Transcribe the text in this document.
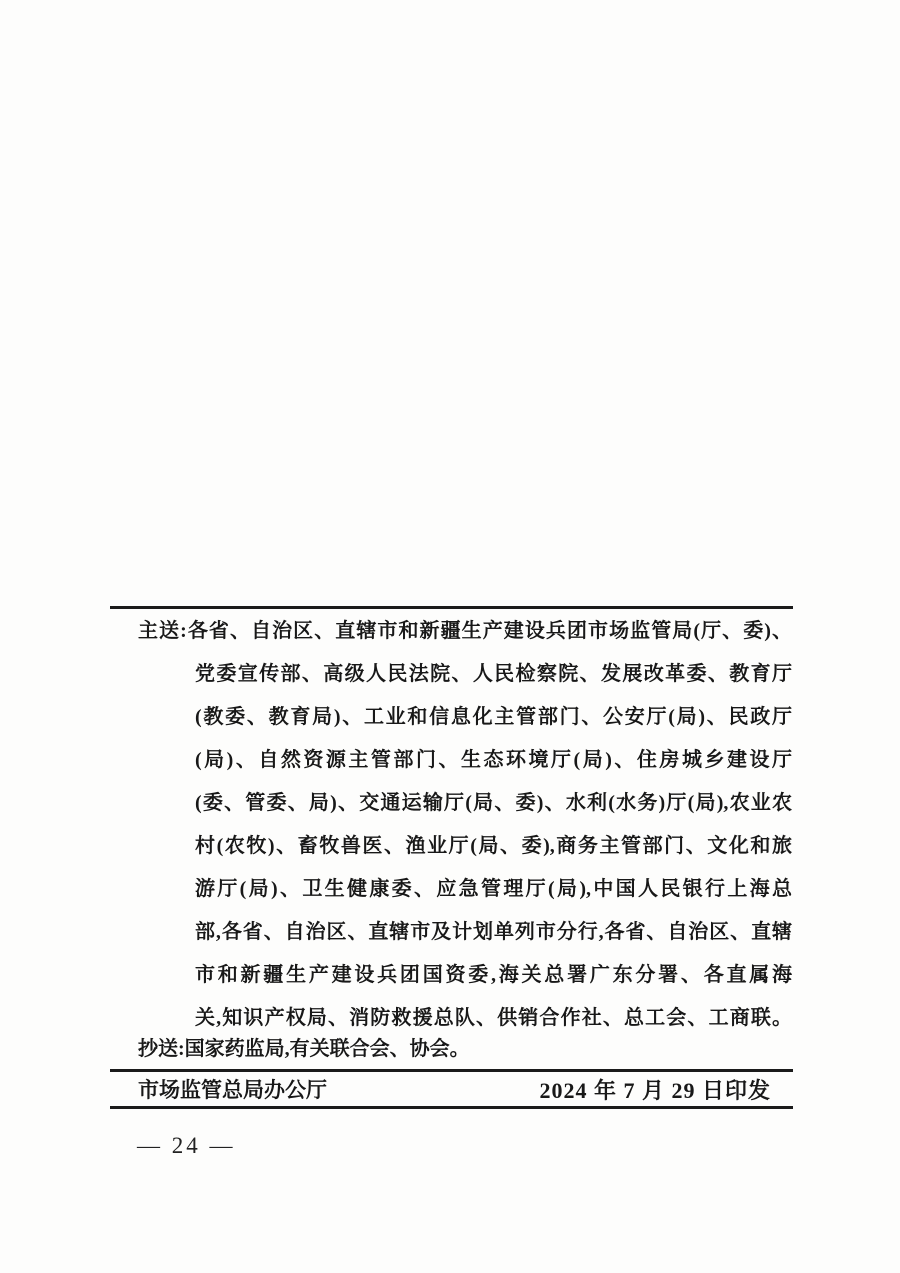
主送:各省、自治区、直辖市和新疆生产建设兵团市场监管局(厅、委)、
党委宣传部、高级人民法院、人民检察院、发展改革委、教育厅
(教委、教育局)、工业和信息化主管部门、公安厅(局)、民政厅
(局)、自然资源主管部门、生态环境厅(局)、住房城乡建设厅
(委、管委、局)、交通运输厅(局、委)、水利(水务)厅(局),农业农
村(农牧)、畜牧兽医、渔业厅(局、委),商务主管部门、文化和旅
游厅(局)、卫生健康委、应急管理厅(局),中国人民银行上海总
部,各省、自治区、直辖市及计划单列市分行,各省、自治区、直辖
市和新疆生产建设兵团国资委,海关总署广东分署、各直属海
关,知识产权局、消防救援总队、供销合作社、总工会、工商联。
抄送:国家药监局,有关联合会、协会。
市场监管总局办公厅	2024 年 7 月 29 日印发
— 24 —
